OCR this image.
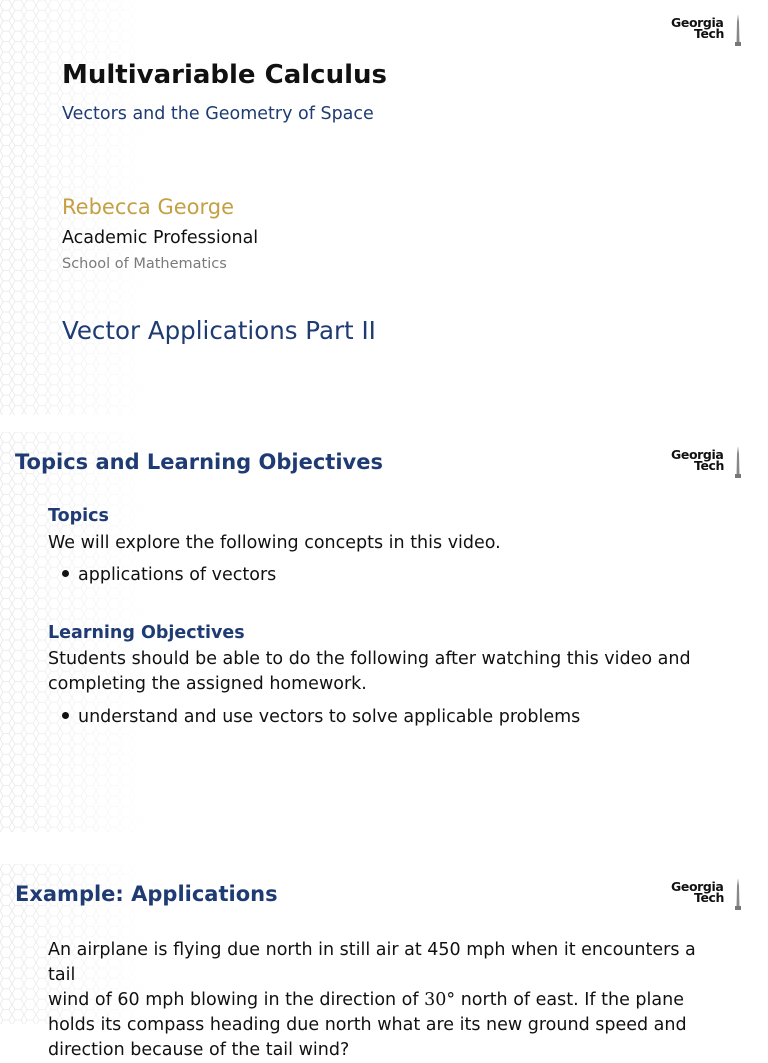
Georgia
Tech
Multivariable Calculus
Vectors and the Geometry of Space
Rebecca George
Academic Professional
School of Mathematics
Vector Applications Part II
Georgia
Tech
Topics and Learning Objectives
Topics
We will explore the following concepts in this video.
applications of vectors
Learning Objectives
Students should be able to do the following after watching this video and
completing the assigned homework.
understand and use vectors to solve applicable problems
Georgia
Tech
Example: Applications
An airplane is flying due north in still air at 450 mph when it encounters a tail
wind of 60 mph blowing in the direction of 30° north of east. If the plane
holds its compass heading due north what are its new ground speed and
direction because of the tail wind?
